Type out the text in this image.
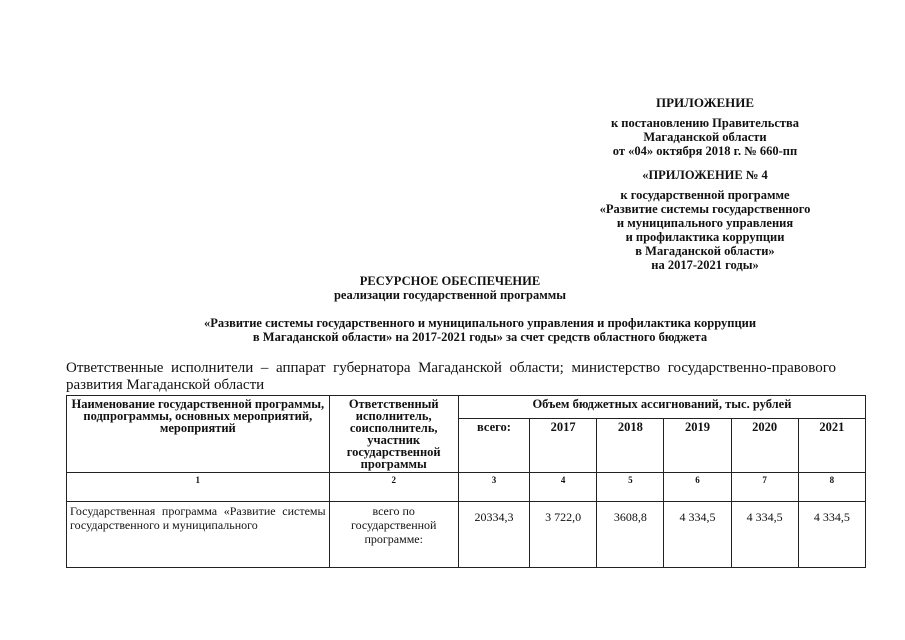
ПРИЛОЖЕНИЕ
к постановлению Правительства
Магаданской области
от «04» октября 2018 г. № 660-пп
«ПРИЛОЖЕНИЕ № 4
к государственной программе
«Развитие системы государственного
и муниципального управления
и профилактика коррупции
в Магаданской области»
на 2017-2021 годы»
РЕСУРСНОЕ ОБЕСПЕЧЕНИЕ
реализации государственной программы
«Развитие системы государственного и муниципального управления и профилактика коррупции
в Магаданской области» на 2017-2021 годы» за счет средств областного бюджета
Ответственные исполнители – аппарат губернатора Магаданской области; министерство государственно-правового развития Магаданской области
Наименование государственной программы, подпрограммы, основных мероприятий, мероприятий	Ответственный исполнитель, соисполнитель, участник государственной программы	Объем бюджетных ассигнований, тыс. рублей					
		всего:	2017	2018	2019	2020	2021
1	2	3	4	5	6	7	8
Государственная программа «Развитие системы государственного и муниципального	всего по государственной программе:	20334,3	3 722,0	3608,8	4 334,5	4 334,5	4 334,5
